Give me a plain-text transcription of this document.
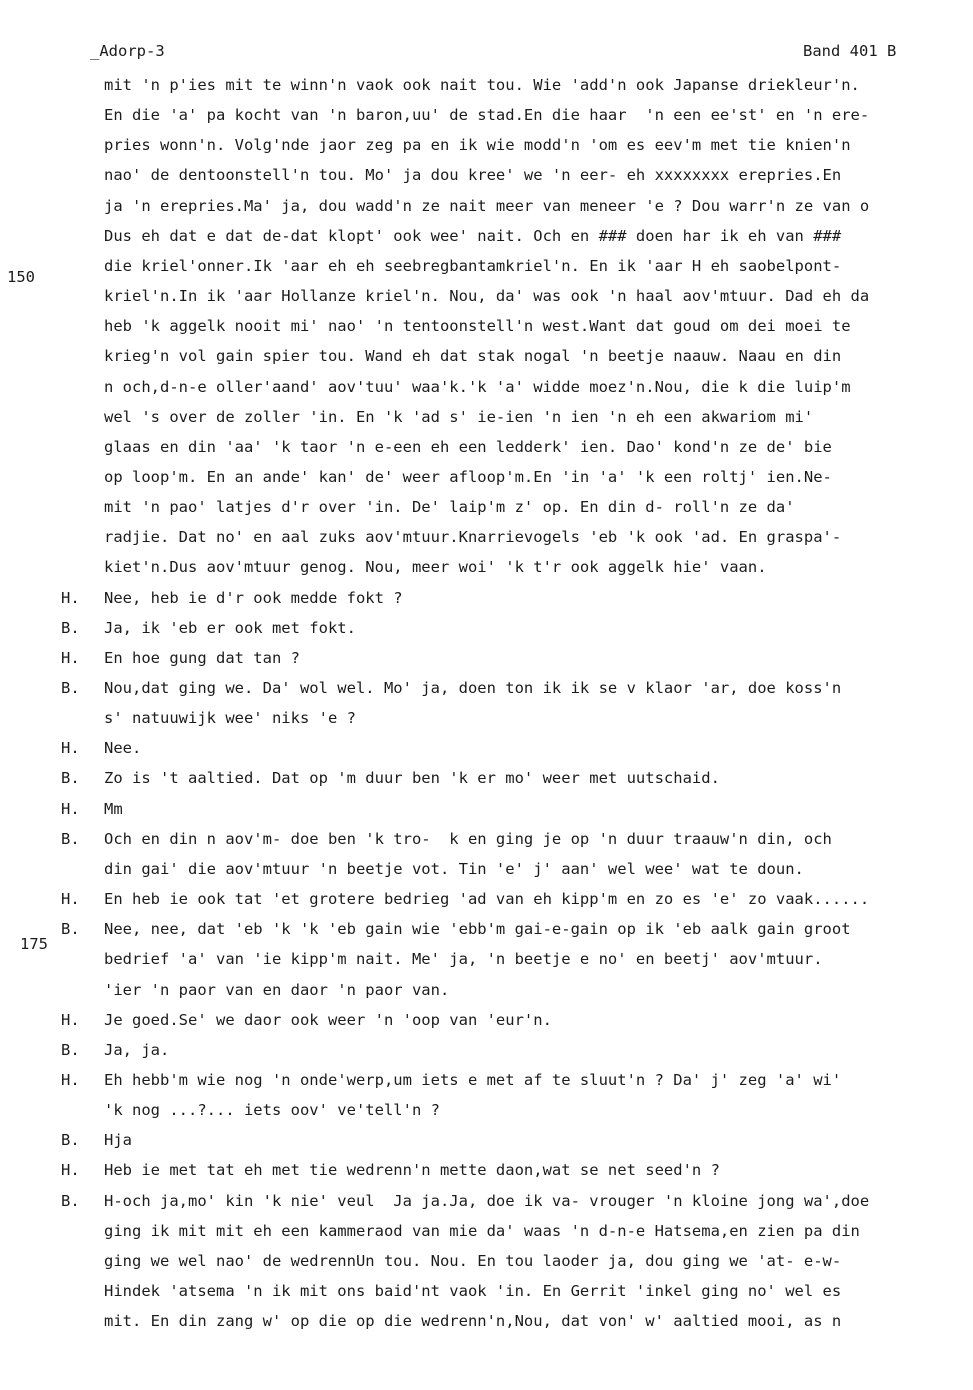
_Adorp-3	Band 401 B
150
175
mit 'n p'ies mit te winn'n vaok ook nait tou. Wie 'add'n ook Japanse driekleur'n.
En die 'a' pa kocht van 'n baron,uu' de stad.En die haar  'n een ee'st' en 'n ere-
pries wonn'n. Volg'nde jaor zeg pa en ik wie modd'n 'om es eev'm met tie knien'n
nao' de dentoonstell'n tou. Mo' ja dou kree' we 'n eer- eh xxxxxxxx erepries.En
ja 'n erepries.Ma' ja, dou wadd'n ze nait meer van meneer 'e ? Dou warr'n ze van o
Dus eh dat e dat de-dat klopt' ook wee' nait. Och en ### doen har ik eh van ###
die kriel'onner.Ik 'aar eh eh seebregbantamkriel'n. En ik 'aar H eh saobelpont-
kriel'n.In ik 'aar Hollanze kriel'n. Nou, da' was ook 'n haal aov'mtuur. Dad eh da
heb 'k aggelk nooit mi' nao' 'n tentoonstell'n west.Want dat goud om dei moei te
krieg'n vol gain spier tou. Wand eh dat stak nogal 'n beetje naauw. Naau en din
n och,d-n-e oller'aand' aov'tuu' waa'k.'k 'a' widde moez'n.Nou, die k die luip'm
wel 's over de zoller 'in. En 'k 'ad s' ie-ien 'n ien 'n eh een akwariom mi'
glaas en din 'aa' 'k taor 'n e-een eh een ledderk' ien. Dao' kond'n ze de' bie
op loop'm. En an ande' kan' de' weer afloop'm.En 'in 'a' 'k een roltj' ien.Ne-
mit 'n pao' latjes d'r over 'in. De' laip'm z' op. En din d- roll'n ze da'
radjie. Dat no' en aal zuks aov'mtuur.Knarrievogels 'eb 'k ook 'ad. En graspa'-
kiet'n.Dus aov'mtuur genog. Nou, meer woi' 'k t'r ook aggelk hie' vaan.
H. Nee, heb ie d'r ook medde fokt ?
B. Ja, ik 'eb er ook met fokt.
H. En hoe gung dat tan ?
B. Nou,dat ging we. Da' wol wel. Mo' ja, doen ton ik ik se v klaor 'ar, doe koss'n
s' natuuwijk wee' niks 'e ?
H. Nee.
B. Zo is 't aaltied. Dat op 'm duur ben 'k er mo' weer met uutschaid.
H. Mm
B. Och en din n aov'm- doe ben 'k tro-  k en ging je op 'n duur traauw'n din, och
din gai' die aov'mtuur 'n beetje vot. Tin 'e' j' aan' wel wee' wat te doun.
H. En heb ie ook tat 'et grotere bedrieg 'ad van eh kipp'm en zo es 'e' zo vaak......
B. Nee, nee, dat 'eb 'k 'k 'eb gain wie 'ebb'm gai-e-gain op ik 'eb aalk gain groot
bedrief 'a' van 'ie kipp'm nait. Me' ja, 'n beetje e no' en beetj' aov'mtuur.
'ier 'n paor van en daor 'n paor van.
H. Je goed.Se' we daor ook weer 'n 'oop van 'eur'n.
B. Ja, ja.
H. Eh hebb'm wie nog 'n onde'werp,um iets e met af te sluut'n ? Da' j' zeg 'a' wi'
'k nog ...?... iets oov' ve'tell'n ?
B. Hja
H. Heb ie met tat eh met tie wedrenn'n mette daon,wat se net seed'n ?
B. H-och ja,mo' kin 'k nie' veul  Ja ja.Ja, doe ik va- vrouger 'n kloine jong wa',doe
ging ik mit mit eh een kammeraod van mie da' waas 'n d-n-e Hatsema,en zien pa din
ging we wel nao' de wedrennUn tou. Nou. En tou laoder ja, dou ging we 'at- e-w-
Hindek 'atsema 'n ik mit ons baid'nt vaok 'in. En Gerrit 'inkel ging no' wel es
mit. En din zang w' op die op die wedrenn'n,Nou, dat von' w' aaltied mooi, as n
